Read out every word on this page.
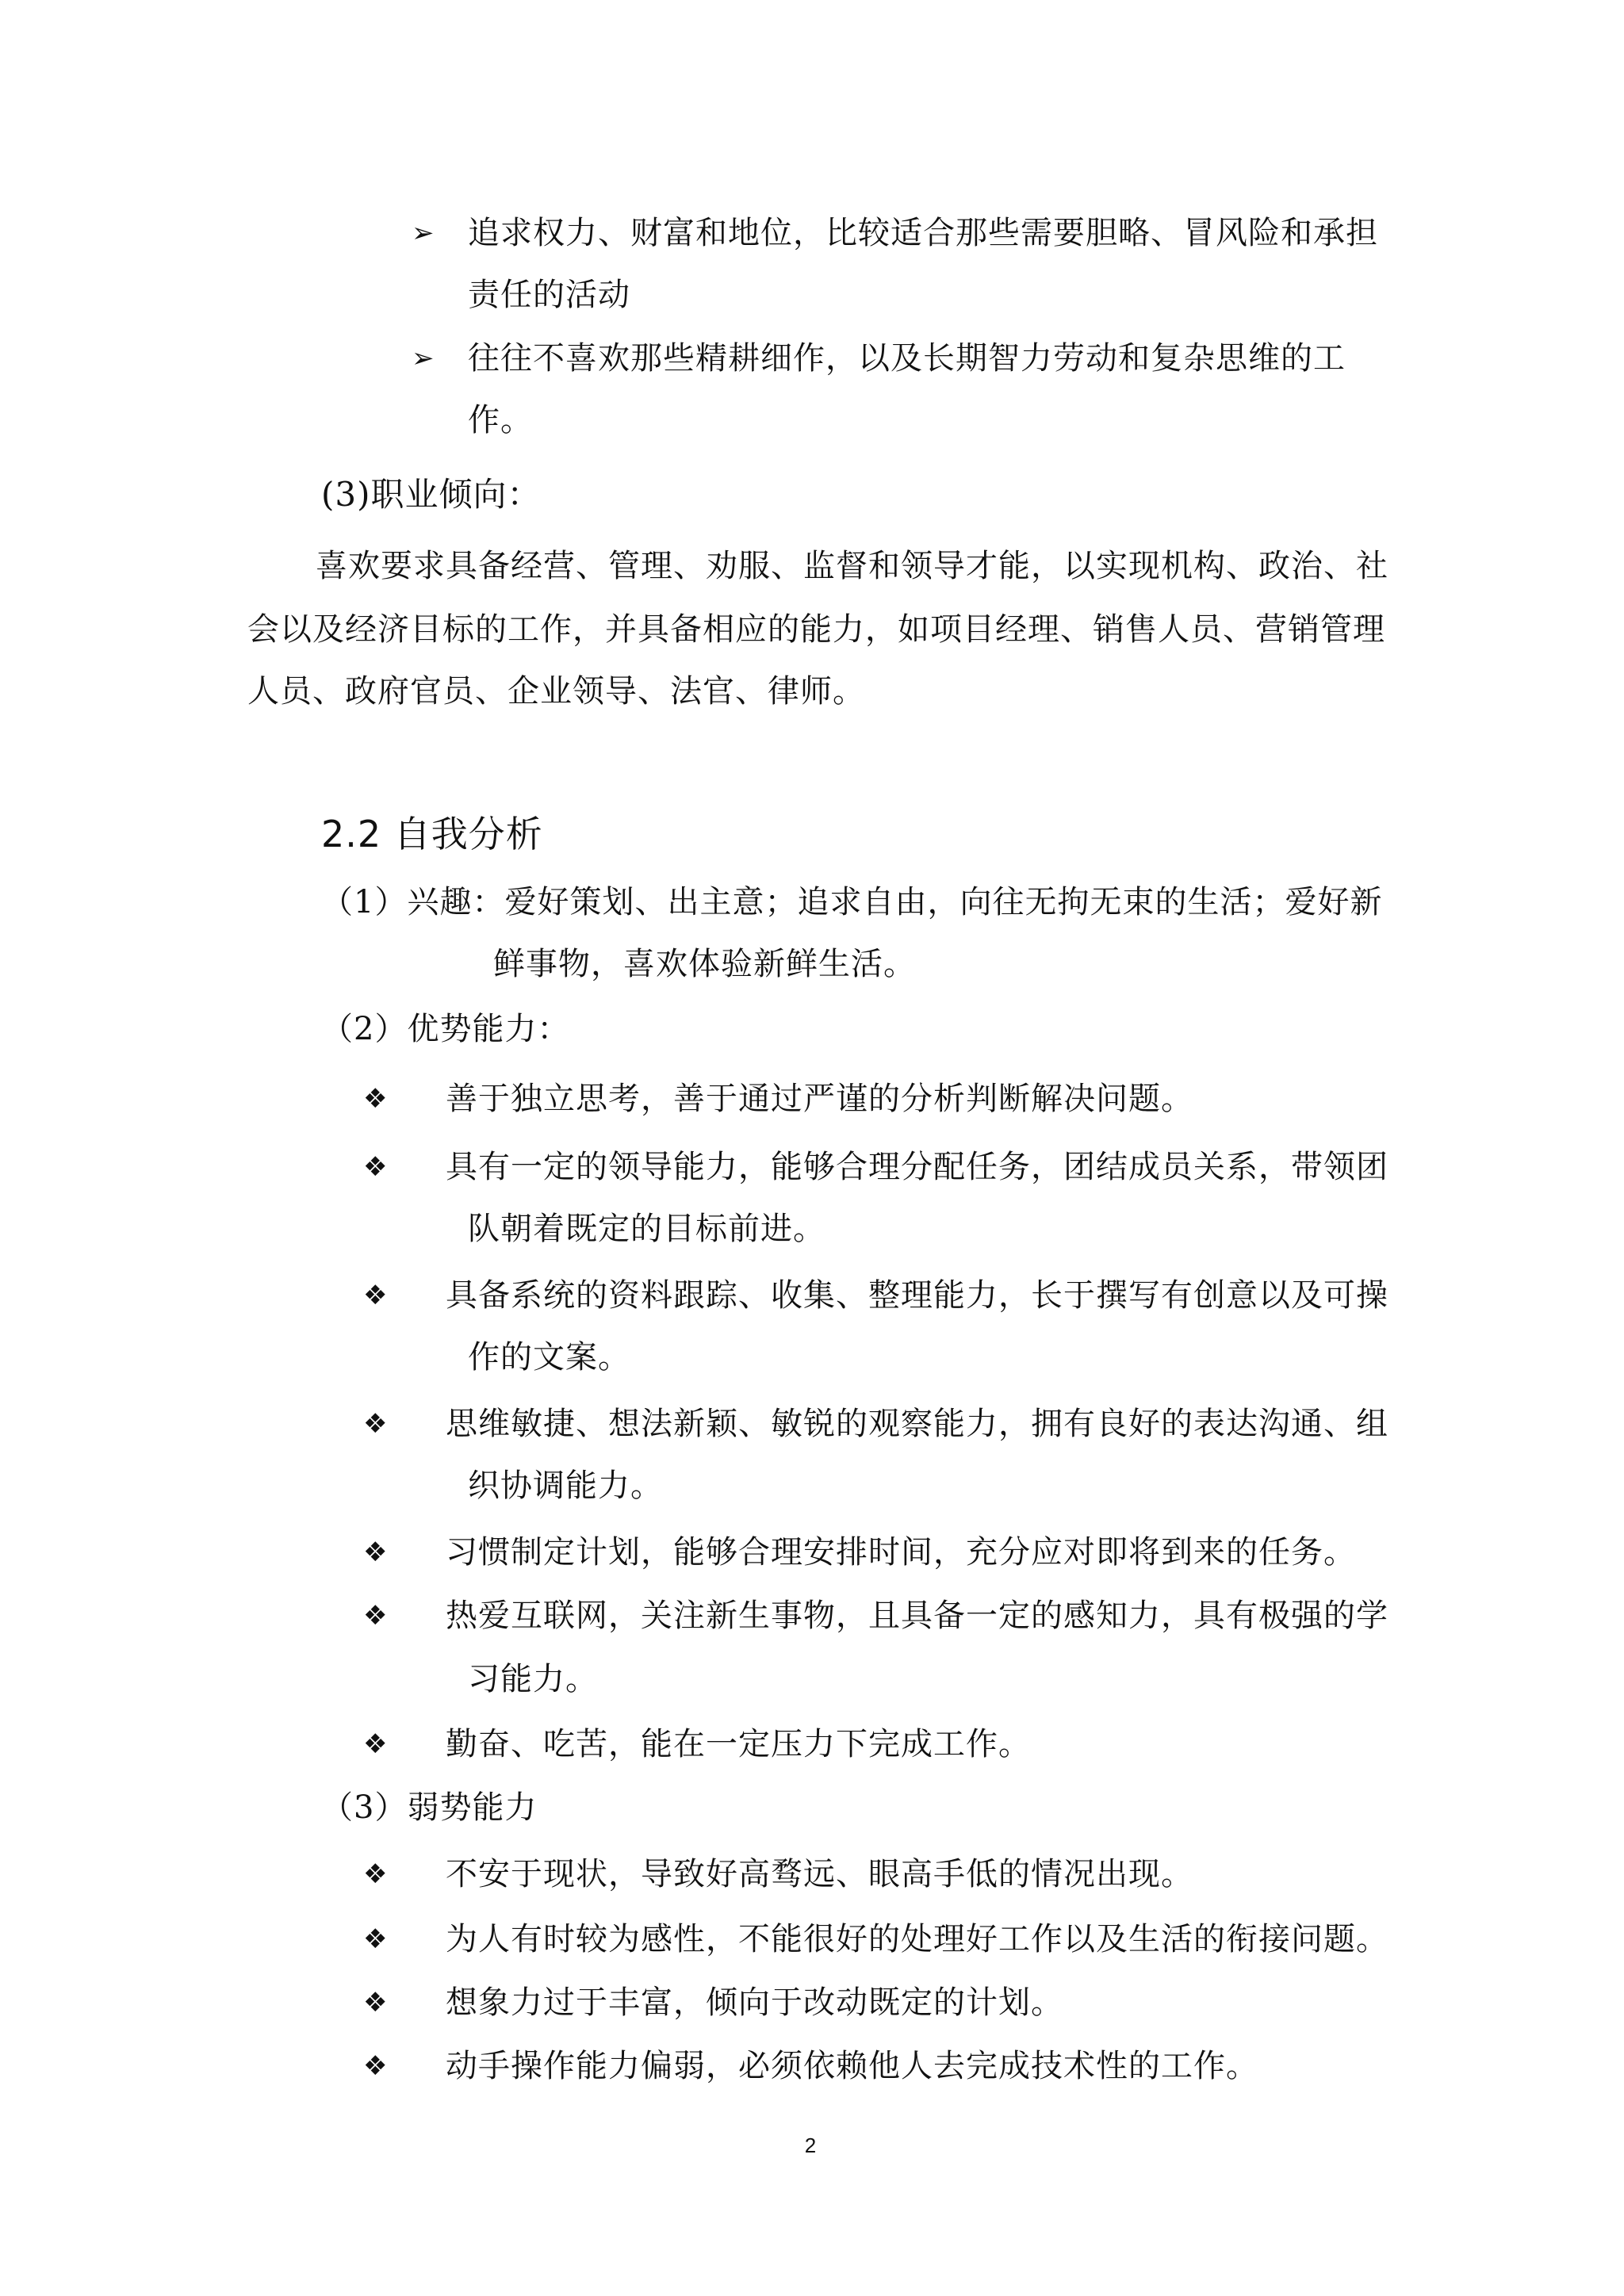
➢ 追求权力、财富和地位，比较适合那些需要胆略、冒风险和承担

责任的活动

➢ 往往不喜欢那些精耕细作，以及长期智力劳动和复杂思维的工

作。

(3)职业倾向：

喜欢要求具备经营、管理、劝服、监督和领导才能，以实现机构、政治、社

会以及经济目标的工作，并具备相应的能力，如项目经理、销售人员、营销管理

人员、政府官员、企业领导、法官、律师。

2.2 自我分析

（1）兴趣：爱好策划、出主意；追求自由，向往无拘无束的生活；爱好新

鲜事物，喜欢体验新鲜生活。

（2）优势能力：

❖ 善于独立思考，善于通过严谨的分析判断解决问题。

❖ 具有一定的领导能力，能够合理分配任务，团结成员关系，带领团

队朝着既定的目标前进。

❖ 具备系统的资料跟踪、收集、整理能力，长于撰写有创意以及可操

作的文案。

❖ 思维敏捷、想法新颖、敏锐的观察能力，拥有良好的表达沟通、组

织协调能力。

❖ 习惯制定计划，能够合理安排时间，充分应对即将到来的任务。

❖ 热爱互联网，关注新生事物，且具备一定的感知力，具有极强的学

习能力。

❖ 勤奋、吃苦，能在一定压力下完成工作。

（3）弱势能力

❖ 不安于现状，导致好高骛远、眼高手低的情况出现。

❖ 为人有时较为感性，不能很好的处理好工作以及生活的衔接问题。

❖ 想象力过于丰富，倾向于改动既定的计划。

❖ 动手操作能力偏弱，必须依赖他人去完成技术性的工作。

2
